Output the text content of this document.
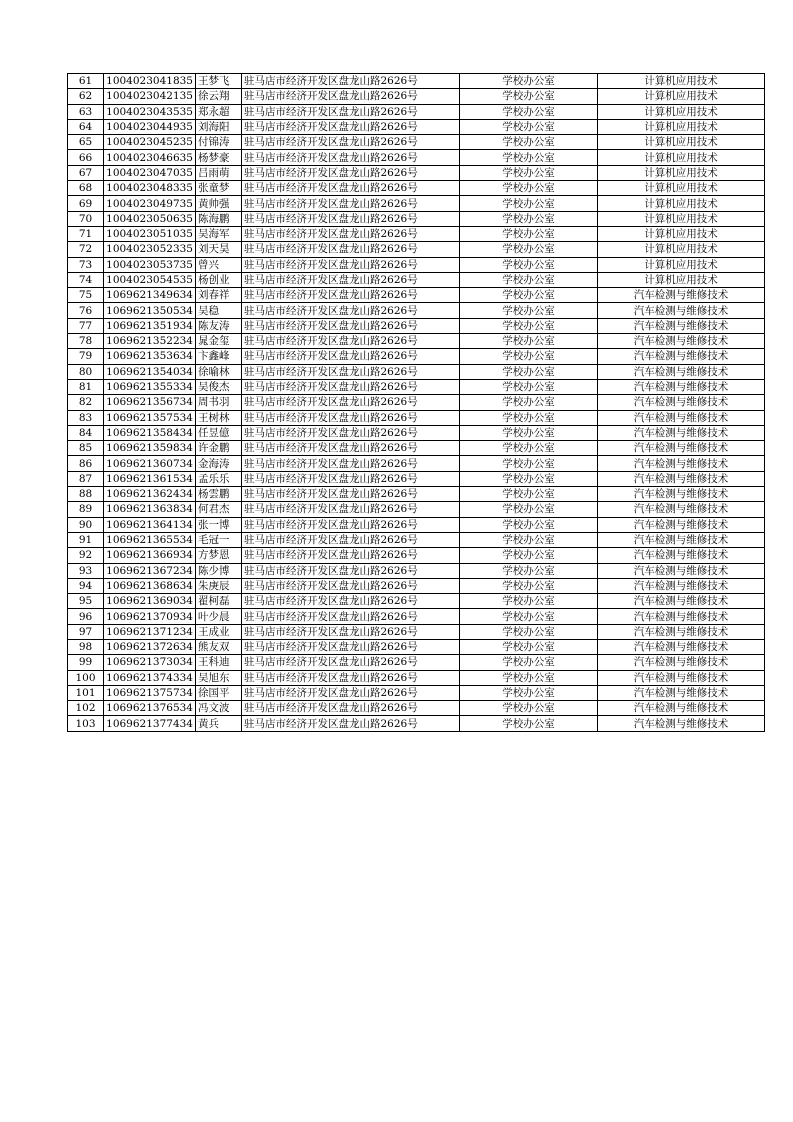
61	1004023041835	王梦飞	驻马店市经济开发区盘龙山路2626号	学校办公室	计算机应用技术
62	1004023042135	徐云翔	驻马店市经济开发区盘龙山路2626号	学校办公室	计算机应用技术
63	1004023043535	郑永超	驻马店市经济开发区盘龙山路2626号	学校办公室	计算机应用技术
64	1004023044935	刘海阳	驻马店市经济开发区盘龙山路2626号	学校办公室	计算机应用技术
65	1004023045235	付锦涛	驻马店市经济开发区盘龙山路2626号	学校办公室	计算机应用技术
66	1004023046635	杨梦豪	驻马店市经济开发区盘龙山路2626号	学校办公室	计算机应用技术
67	1004023047035	吕雨萌	驻马店市经济开发区盘龙山路2626号	学校办公室	计算机应用技术
68	1004023048335	张童梦	驻马店市经济开发区盘龙山路2626号	学校办公室	计算机应用技术
69	1004023049735	黄帅强	驻马店市经济开发区盘龙山路2626号	学校办公室	计算机应用技术
70	1004023050635	陈海鹏	驻马店市经济开发区盘龙山路2626号	学校办公室	计算机应用技术
71	1004023051035	吴海军	驻马店市经济开发区盘龙山路2626号	学校办公室	计算机应用技术
72	1004023052335	刘天昊	驻马店市经济开发区盘龙山路2626号	学校办公室	计算机应用技术
73	1004023053735	曾兴	驻马店市经济开发区盘龙山路2626号	学校办公室	计算机应用技术
74	1004023054535	杨创业	驻马店市经济开发区盘龙山路2626号	学校办公室	计算机应用技术
75	1069621349634	刘春祥	驻马店市经济开发区盘龙山路2626号	学校办公室	汽车检测与维修技术
76	1069621350534	吴稳	驻马店市经济开发区盘龙山路2626号	学校办公室	汽车检测与维修技术
77	1069621351934	陈友涛	驻马店市经济开发区盘龙山路2626号	学校办公室	汽车检测与维修技术
78	1069621352234	晁金玺	驻马店市经济开发区盘龙山路2626号	学校办公室	汽车检测与维修技术
79	1069621353634	卞鑫峰	驻马店市经济开发区盘龙山路2626号	学校办公室	汽车检测与维修技术
80	1069621354034	徐喻林	驻马店市经济开发区盘龙山路2626号	学校办公室	汽车检测与维修技术
81	1069621355334	吴俊杰	驻马店市经济开发区盘龙山路2626号	学校办公室	汽车检测与维修技术
82	1069621356734	周书羽	驻马店市经济开发区盘龙山路2626号	学校办公室	汽车检测与维修技术
83	1069621357534	王树林	驻马店市经济开发区盘龙山路2626号	学校办公室	汽车检测与维修技术
84	1069621358434	任昱億	驻马店市经济开发区盘龙山路2626号	学校办公室	汽车检测与维修技术
85	1069621359834	许金鹏	驻马店市经济开发区盘龙山路2626号	学校办公室	汽车检测与维修技术
86	1069621360734	金海涛	驻马店市经济开发区盘龙山路2626号	学校办公室	汽车检测与维修技术
87	1069621361534	孟乐乐	驻马店市经济开发区盘龙山路2626号	学校办公室	汽车检测与维修技术
88	1069621362434	杨雲鹏	驻马店市经济开发区盘龙山路2626号	学校办公室	汽车检测与维修技术
89	1069621363834	何君杰	驻马店市经济开发区盘龙山路2626号	学校办公室	汽车检测与维修技术
90	1069621364134	张一博	驻马店市经济开发区盘龙山路2626号	学校办公室	汽车检测与维修技术
91	1069621365534	毛冠一	驻马店市经济开发区盘龙山路2626号	学校办公室	汽车检测与维修技术
92	1069621366934	方梦恩	驻马店市经济开发区盘龙山路2626号	学校办公室	汽车检测与维修技术
93	1069621367234	陈少博	驻马店市经济开发区盘龙山路2626号	学校办公室	汽车检测与维修技术
94	1069621368634	朱庚辰	驻马店市经济开发区盘龙山路2626号	学校办公室	汽车检测与维修技术
95	1069621369034	翟柯磊	驻马店市经济开发区盘龙山路2626号	学校办公室	汽车检测与维修技术
96	1069621370934	叶少晨	驻马店市经济开发区盘龙山路2626号	学校办公室	汽车检测与维修技术
97	1069621371234	王成业	驻马店市经济开发区盘龙山路2626号	学校办公室	汽车检测与维修技术
98	1069621372634	熊友双	驻马店市经济开发区盘龙山路2626号	学校办公室	汽车检测与维修技术
99	1069621373034	王科迪	驻马店市经济开发区盘龙山路2626号	学校办公室	汽车检测与维修技术
100	1069621374334	吴旭东	驻马店市经济开发区盘龙山路2626号	学校办公室	汽车检测与维修技术
101	1069621375734	徐国平	驻马店市经济开发区盘龙山路2626号	学校办公室	汽车检测与维修技术
102	1069621376534	冯文波	驻马店市经济开发区盘龙山路2626号	学校办公室	汽车检测与维修技术
103	1069621377434	黄兵	驻马店市经济开发区盘龙山路2626号	学校办公室	汽车检测与维修技术
